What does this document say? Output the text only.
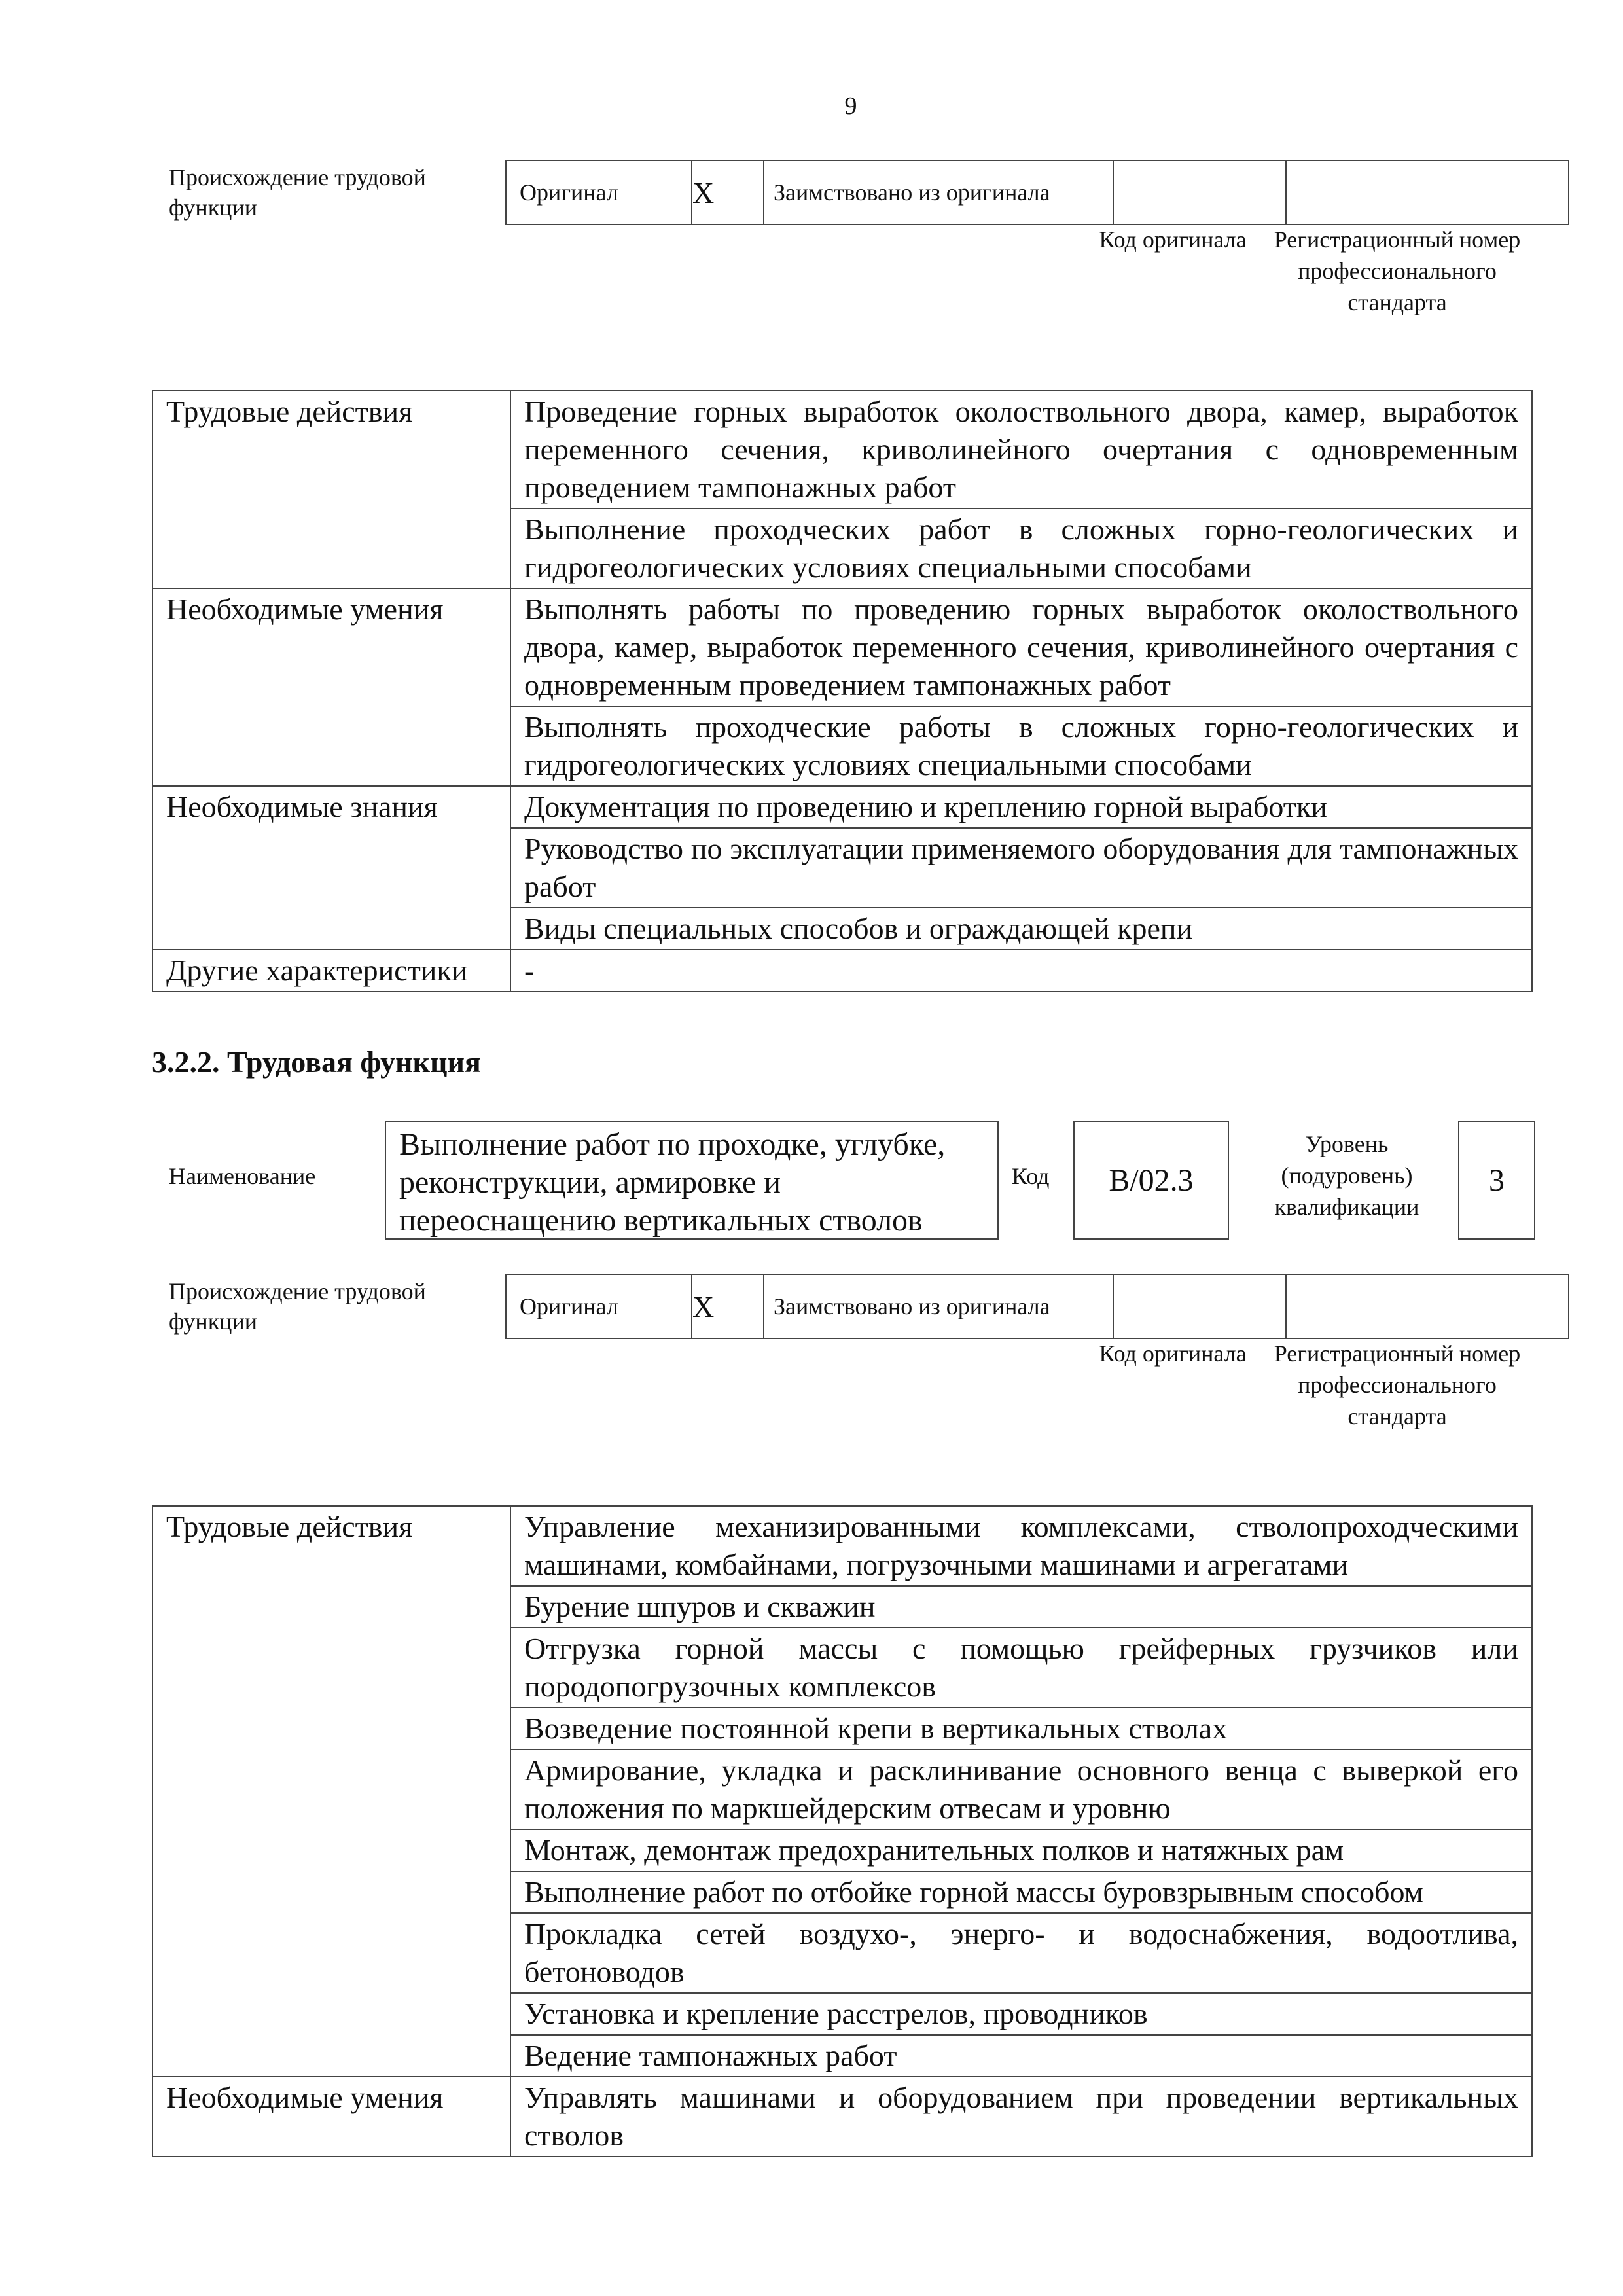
9
Происхождение трудовой функции
Оригинал	X	Заимствовано из оригинала		
Код оригинала	Регистрационный номер профессионального стандарта
Трудовые действия	Проведение горных выработок околоствольного двора, камер, выработок переменного сечения, криволинейного очертания с одновременным проведением тампонажных работ
	Выполнение проходческих работ в сложных горно-геологических и гидрогеологических условиях специальными способами
Необходимые умения	Выполнять работы по проведению горных выработок околоствольного двора, камер, выработок переменного сечения, криволинейного очертания с одновременным проведением тампонажных работ
	Выполнять проходческие работы в сложных горно-геологических и гидрогеологических условиях специальными способами
Необходимые знания	Документация по проведению и креплению горной выработки
	Руководство по эксплуатации применяемого оборудования для тампонажных работ
	Виды специальных способов и ограждающей крепи
Другие характеристики	-
3.2.2. Трудовая функция
Наименование
Выполнение работ по проходке, углубке, реконструкции, армировке и переоснащению вертикальных стволов
Код	B/02.3
Уровень (подуровень) квалификации
3
Происхождение трудовой функции
Оригинал	X	Заимствовано из оригинала		
Код оригинала	Регистрационный номер профессионального стандарта
Трудовые действия	Управление механизированными комплексами, стволопроходческими машинами, комбайнами, погрузочными машинами и агрегатами
	Бурение шпуров и скважин
	Отгрузка горной массы с помощью грейферных грузчиков или породопогрузочных комплексов
	Возведение постоянной крепи в вертикальных стволах
	Армирование, укладка и расклинивание основного венца с выверкой его положения по маркшейдерским отвесам и уровню
	Монтаж, демонтаж предохранительных полков и натяжных рам
	Выполнение работ по отбойке горной массы буровзрывным способом
	Прокладка сетей воздухо-, энерго- и водоснабжения, водоотлива, бетоноводов
	Установка и крепление расстрелов, проводников
	Ведение тампонажных работ
Необходимые умения	Управлять машинами и оборудованием при проведении вертикальных стволов
